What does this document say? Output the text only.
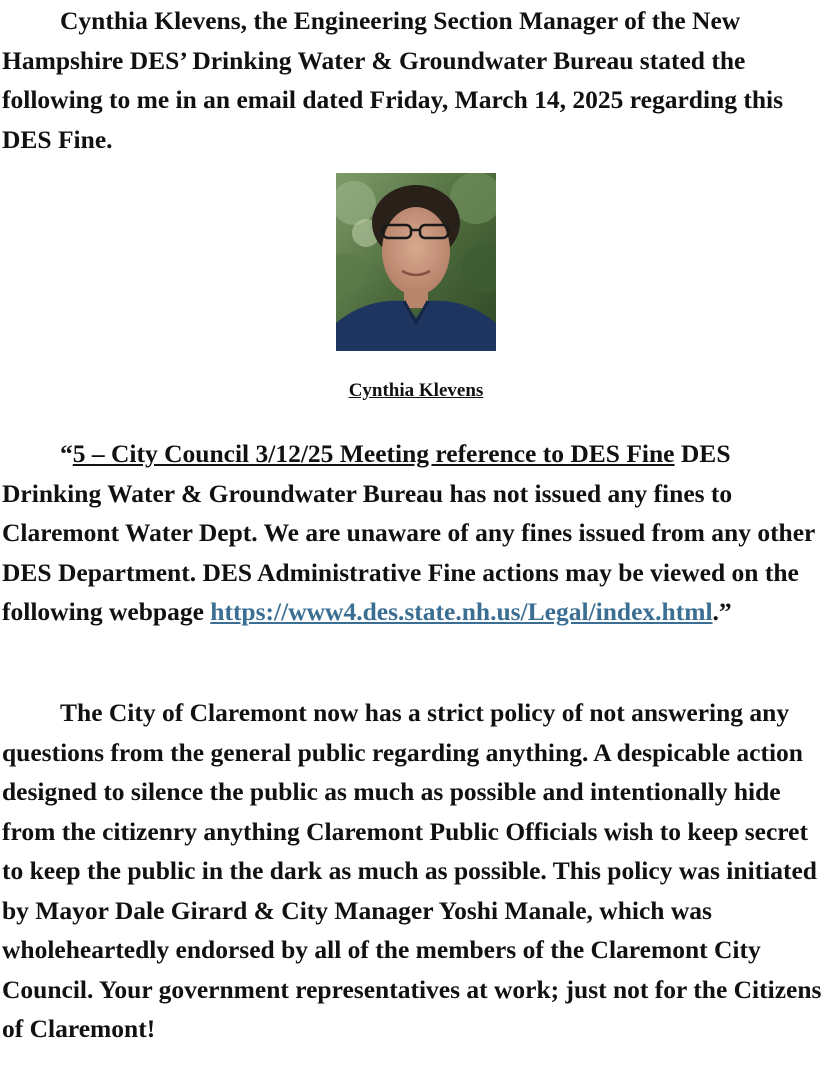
Cynthia Klevens, the Engineering Section Manager of the New Hampshire DES’ Drinking Water & Groundwater Bureau stated the following to me in an email dated Friday, March 14, 2025 regarding this DES Fine.

Cynthia Klevens

“5 – City Council 3/12/25 Meeting reference to DES Fine DES Drinking Water & Groundwater Bureau has not issued any fines to Claremont Water Dept. We are unaware of any fines issued from any other DES Department. DES Administrative Fine actions may be viewed on the following webpage https://www4.des.state.nh.us/Legal/index.html.”

The City of Claremont now has a strict policy of not answering any questions from the general public regarding anything. A despicable action designed to silence the public as much as possible and intentionally hide from the citizenry anything Claremont Public Officials wish to keep secret to keep the public in the dark as much as possible. This policy was initiated by Mayor Dale Girard & City Manager Yoshi Manale, which was wholeheartedly endorsed by all of the members of the Claremont City Council. Your government representatives at work; just not for the Citizens of Claremont!
